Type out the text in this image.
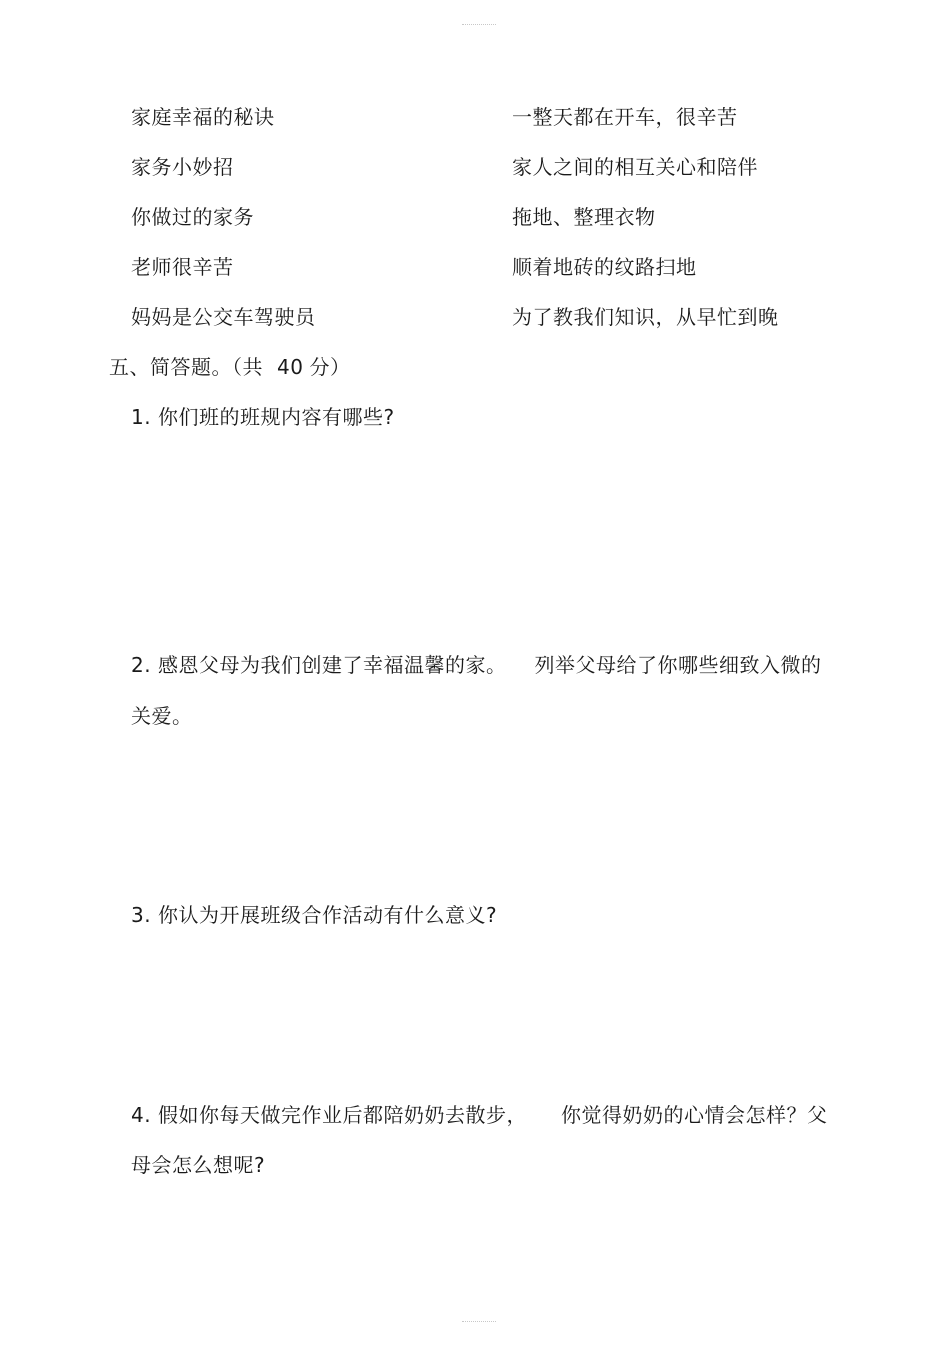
家庭幸福的秘诀
家务小妙招
你做过的家务
老师很辛苦
妈妈是公交车驾驶员
一整天都在开车，很辛苦
家人之间的相互关心和陪伴
拖地、整理衣物
顺着地砖的纹路扫地
为了教我们知识，从早忙到晚
五、简答题。（共 40 分）
1. 你们班的班规内容有哪些?
2. 感恩父母为我们创建了幸福温馨的家。 列举父母给了你哪些细致入微的
关爱。
3. 你认为开展班级合作活动有什么意义?
4. 假如你每天做完作业后都陪奶奶去散步， 你觉得奶奶的心情会怎样？父
母会怎么想呢?
